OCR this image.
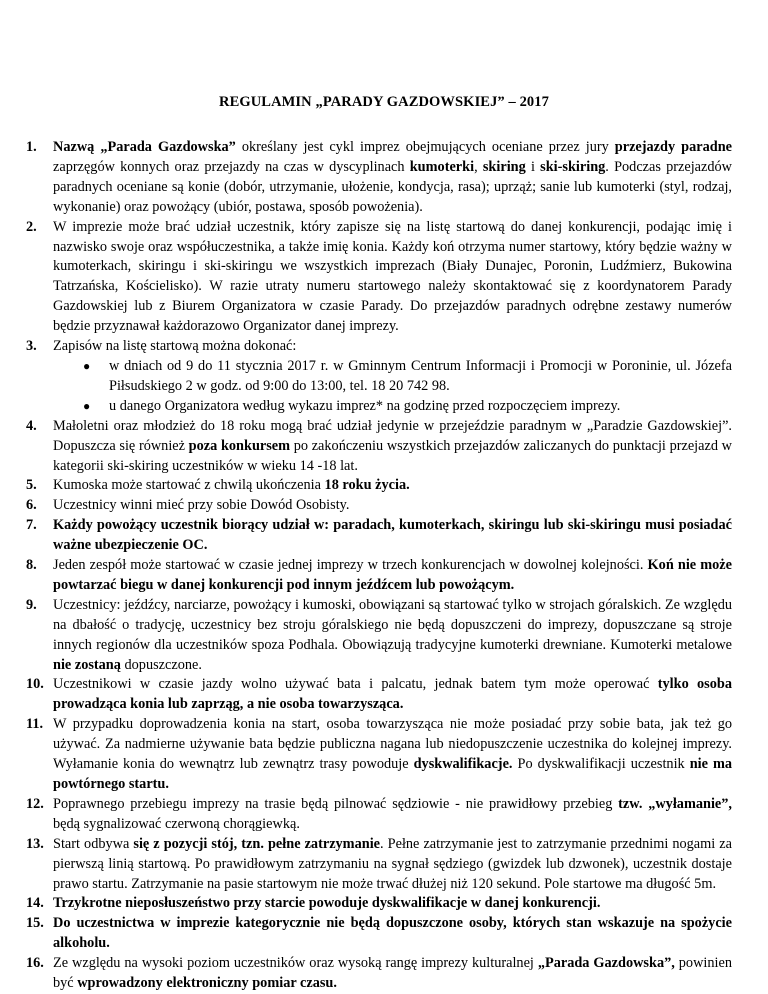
REGULAMIN „PARADY GAZDOWSKIEJ” – 2017
1.	Nazwą „Parada Gazdowska” określany jest cykl imprez obejmujących oceniane przez jury przejazdy paradne zaprzęgów konnych oraz przejazdy na czas w dyscyplinach kumoterki, skiring i ski-skiring. Podczas przejazdów paradnych oceniane są konie (dobór, utrzymanie, ułożenie, kondycja, rasa); uprząż; sanie lub kumoterki (styl, rodzaj, wykonanie) oraz powożący (ubiór, postawa, sposób powożenia).
2.	W imprezie może brać udział uczestnik, który zapisze się na listę startową do danej konkurencji, podając imię i nazwisko swoje oraz współuczestnika, a także imię konia. Każdy koń otrzyma numer startowy, który będzie ważny w kumoterkach, skiringu i ski-skiringu we wszystkich imprezach (Biały Dunajec, Poronin, Ludźmierz, Bukowina Tatrzańska, Kościelisko). W razie utraty numeru startowego należy skontaktować się z koordynatorem Parady Gazdowskiej lub z Biurem Organizatora w czasie Parady. Do przejazdów paradnych odrębne zestawy numerów będzie przyznawał każdorazowo Organizator danej imprezy.
3.	Zapisów na listę startową można dokonać:
● w dniach od 9 do 11 stycznia 2017 r. w Gminnym Centrum Informacji i Promocji w Poroninie, ul. Józefa Piłsudskiego 2 w godz. od 9:00 do 13:00, tel. 18 20 742 98.
● u danego Organizatora według wykazu imprez* na godzinę przed rozpoczęciem imprezy.
4.	Małoletni oraz młodzież do 18 roku mogą brać udział jedynie w przejeździe paradnym w „Paradzie Gazdowskiej”. Dopuszcza się również poza konkursem po zakończeniu wszystkich przejazdów zaliczanych do punktacji przejazd w kategorii ski-skiring uczestników w wieku 14 -18 lat.
5.	Kumoska może startować z chwilą ukończenia 18 roku życia.
6.	Uczestnicy winni mieć przy sobie Dowód Osobisty.
7.	Każdy powożący uczestnik biorący udział w: paradach, kumoterkach, skiringu lub ski-skiringu musi posiadać ważne ubezpieczenie OC.
8.	Jeden zespół może startować w czasie jednej imprezy w trzech konkurencjach w dowolnej kolejności. Koń nie może powtarzać biegu w danej konkurencji pod innym jeźdźcem lub powożącym.
9.	Uczestnicy: jeźdźcy, narciarze, powożący i kumoski, obowiązani są startować tylko w strojach góralskich. Ze względu na dbałość o tradycję, uczestnicy bez stroju góralskiego nie będą dopuszczeni do imprezy, dopuszczane są stroje innych regionów dla uczestników spoza Podhala. Obowiązują tradycyjne kumoterki drewniane. Kumoterki metalowe nie zostaną dopuszczone.
10. Uczestnikowi w czasie jazdy wolno używać bata i palcatu, jednak batem tym może operować tylko osoba prowadząca konia lub zaprząg, a nie osoba towarzysząca.
11. W przypadku doprowadzenia konia na start, osoba towarzysząca nie może posiadać przy sobie bata, jak też go używać. Za nadmierne używanie bata będzie publiczna nagana lub niedopuszczenie uczestnika do kolejnej imprezy. Wyłamanie konia do wewnątrz lub zewnątrz trasy powoduje dyskwalifikacje. Po dyskwalifikacji uczestnik nie ma powtórnego startu.
12. Poprawnego przebiegu imprezy na trasie będą pilnować sędziowie - nie prawidłowy przebieg tzw. „wyłamanie”, będą sygnalizować czerwoną chorągiewką.
13. Start odbywa się z pozycji stój, tzn. pełne zatrzymanie. Pełne zatrzymanie jest to zatrzymanie przednimi nogami za pierwszą linią startową. Po prawidłowym zatrzymaniu na sygnał sędziego (gwizdek lub dzwonek), uczestnik dostaje prawo startu. Zatrzymanie na pasie startowym nie może trwać dłużej niż 120 sekund. Pole startowe ma długość 5m.
14. Trzykrotne nieposłuszeństwo przy starcie powoduje dyskwalifikacje w danej konkurencji.
15. Do uczestnictwa w imprezie kategorycznie nie będą dopuszczone osoby, których stan wskazuje na spożycie alkoholu.
16. Ze względu na wysoki poziom uczestników oraz wysoką rangę imprezy kulturalnej „Parada Gazdowska”, powinien być wprowadzony elektroniczny pomiar czasu.
